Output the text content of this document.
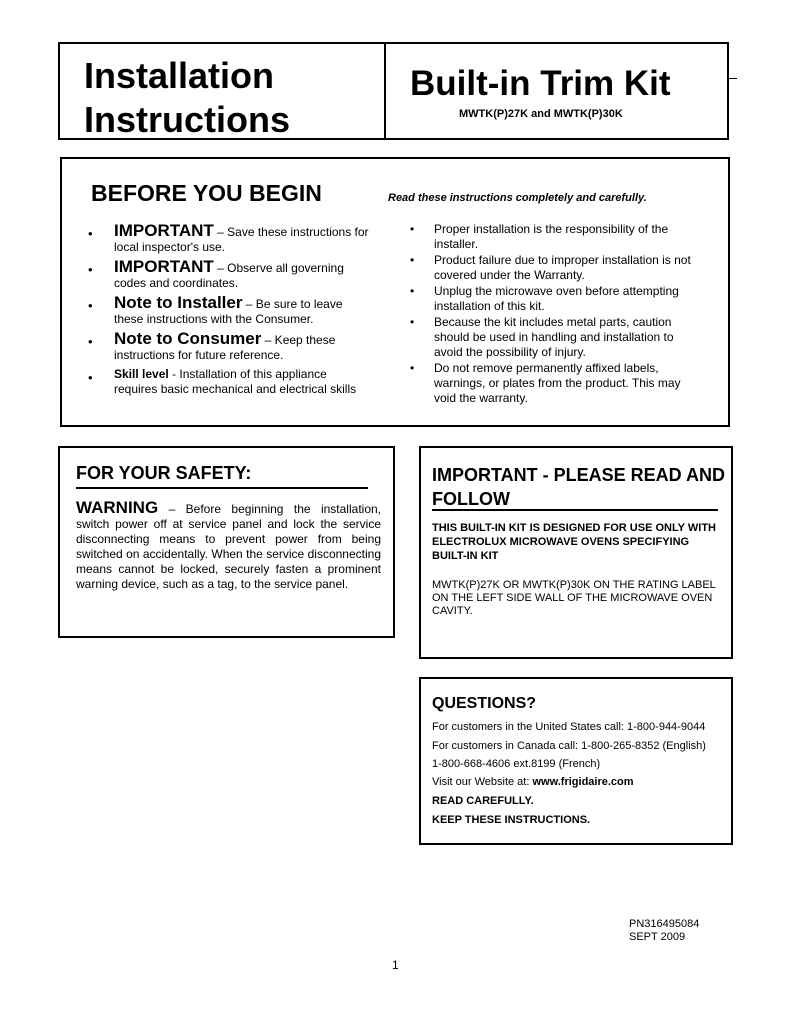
Installation
Instructions
Built-in Trim Kit
MWTK(P)27K and MWTK(P)30K
BEFORE YOU BEGIN	Read these instructions completely and carefully.
• IMPORTANT – Save these instructions for local inspector's use.
• IMPORTANT – Observe all governing codes and coordinates.
• Note to Installer – Be sure to leave these instructions with the Consumer.
• Note to Consumer – Keep these instructions for future reference.
• Skill level - Installation of this appliance requires basic mechanical and electrical skills
• Proper installation is the responsibility of the installer.
• Product failure due to improper installation is not covered under the Warranty.
• Unplug the microwave oven before attempting installation of this kit.
• Because the kit includes metal parts, caution should be used in handling and installation to avoid the possibility of injury.
• Do not remove permanently affixed labels, warnings, or plates from the product. This may void the warranty.
FOR YOUR SAFETY:
WARNING – Before beginning the installation, switch power off at service panel and lock the service disconnecting means to prevent power from being switched on accidentally. When the service disconnecting means cannot be locked, securely fasten a prominent warning device, such as a tag, to the service panel.
IMPORTANT - PLEASE READ AND FOLLOW
THIS BUILT-IN KIT IS DESIGNED FOR USE ONLY WITH ELECTROLUX MICROWAVE OVENS SPECIFYING BUILT-IN KIT
MWTK(P)27K OR MWTK(P)30K ON THE RATING LABEL ON THE LEFT SIDE WALL OF THE MICROWAVE OVEN CAVITY.
QUESTIONS?
For customers in the United States call: 1-800-944-9044
For customers in Canada call: 1-800-265-8352 (English)
1-800-668-4606 ext.8199 (French)
Visit our Website at: www.frigidaire.com
READ CAREFULLY.
KEEP THESE INSTRUCTIONS.
PN316495084
SEPT 2009
1
